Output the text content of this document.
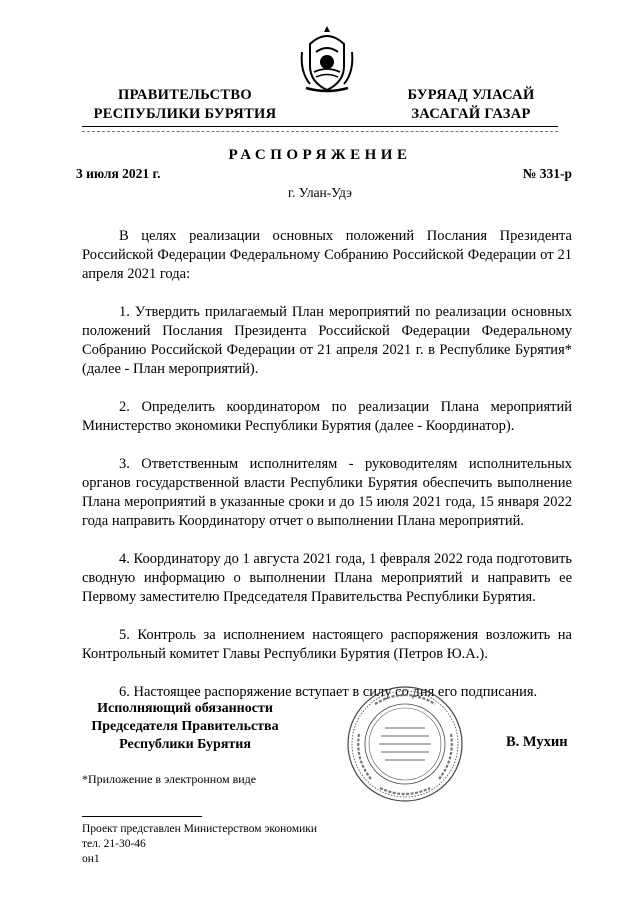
ПРАВИТЕЛЬСТВО
РЕСПУБЛИКИ БУРЯТИЯ
БУРЯАД УЛАСАЙ
ЗАСАГАЙ ГАЗАР
РАСПОРЯЖЕНИЕ
3 июля 2021 г.	№ 331-р
г. Улан-Удэ

В целях реализации основных положений Послания Президента Российской Федерации Федеральному Собранию Российской Федерации от 21 апреля 2021 года:

1. Утвердить прилагаемый План мероприятий по реализации основных положений Послания Президента Российской Федерации Федеральному Собранию Российской Федерации от 21 апреля 2021 г. в Республике Бурятия* (далее - План мероприятий).

2. Определить координатором по реализации Плана мероприятий Министерство экономики Республики Бурятия (далее - Координатор).

3. Ответственным исполнителям - руководителям исполнительных органов государственной власти Республики Бурятия обеспечить выполнение Плана мероприятий в указанные сроки и до 15 июля 2021 года, 15 января 2022 года направить Координатору отчет о выполнении Плана мероприятий.

4. Координатору до 1 августа 2021 года, 1 февраля 2022 года подготовить сводную информацию о выполнении Плана мероприятий и направить ее Первому заместителю Председателя Правительства Республики Бурятия.

5. Контроль за исполнением настоящего распоряжения возложить на Контрольный комитет Главы Республики Бурятия (Петров Ю.А.).

6. Настоящее распоряжение вступает в силу со дня его подписания.

Исполняющий обязанности
Председателя Правительства
Республики Бурятия	В. Мухин
*Приложение в электронном виде
Проект представлен Министерством экономики
тел. 21-30-46
он1
